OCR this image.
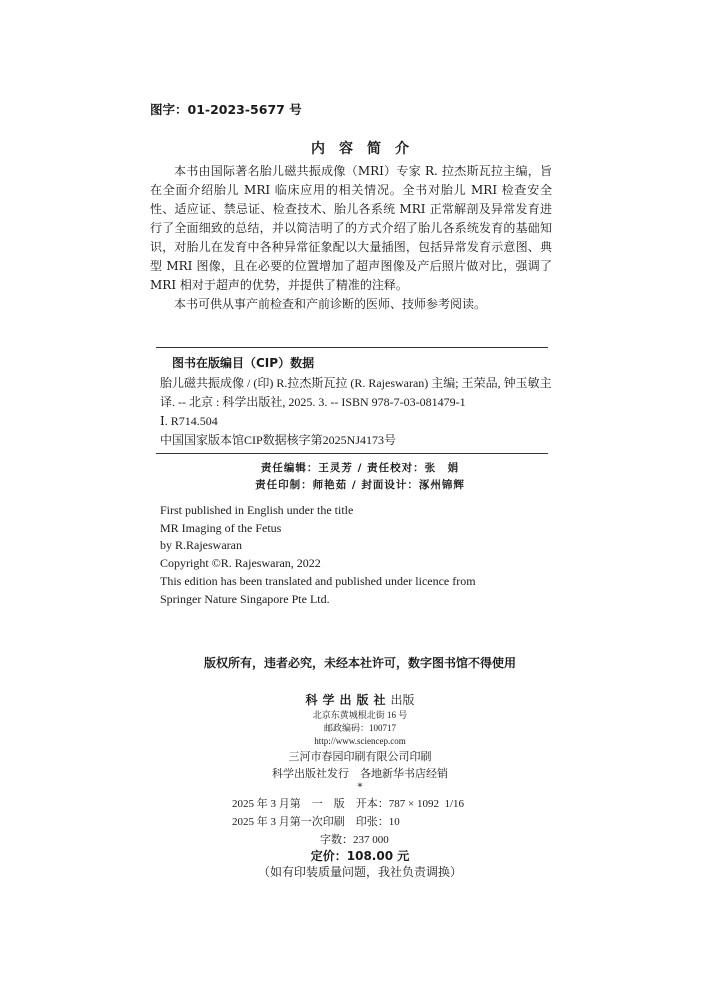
图字：01-2023-5677 号
内容简介

本书由国际著名胎儿磁共振成像（MRI）专家 R. 拉杰斯瓦拉主编，旨在全面介绍胎儿 MRI 临床应用的相关情况。全书对胎儿 MRI 检查安全性、适应证、禁忌证、检查技术、胎儿各系统 MRI 正常解剖及异常发育进行了全面细致的总结，并以简洁明了的方式介绍了胎儿各系统发育的基础知识，对胎儿在发育中各种异常征象配以大量插图，包括异常发育示意图、典型 MRI 图像，且在必要的位置增加了超声图像及产后照片做对比，强调了 MRI 相对于超声的优势，并提供了精准的注释。

本书可供从事产前检查和产前诊断的医师、技师参考阅读。

图书在版编目（CIP）数据
胎儿磁共振成像 / (印) R.拉杰斯瓦拉 (R. Rajeswaran) 主编; 王荣品, 钟玉敏主译. -- 北京 : 科学出版社, 2025. 3. -- ISBN 978-7-03-081479-1
Ⅰ. R714.504
中国国家版本馆CIP数据核字第2025NJ4173号
责任编辑：王灵芳 / 责任校对：张　娟
责任印制：师艳茹 / 封面设计：涿州锦辉
First published in English under the title
MR Imaging of the Fetus
by R.Rajeswaran
Copyright ©R. Rajeswaran, 2022
This edition has been translated and published under licence from
Springer Nature Singapore Pte Ltd.
版权所有，违者必究，未经本社许可，数字图书馆不得使用
科学出版社出版
北京东黄城根北街 16 号
邮政编码：100717
http://www.sciencep.com
三河市春园印刷有限公司印刷
科学出版社发行　各地新华书店经销
*
2025 年 3 月第　一　版　开本：787 × 1092  1/16
2025 年 3 月第一次印刷　印张：10
字数：237 000
定价：108.00 元
（如有印装质量问题，我社负责调换）
